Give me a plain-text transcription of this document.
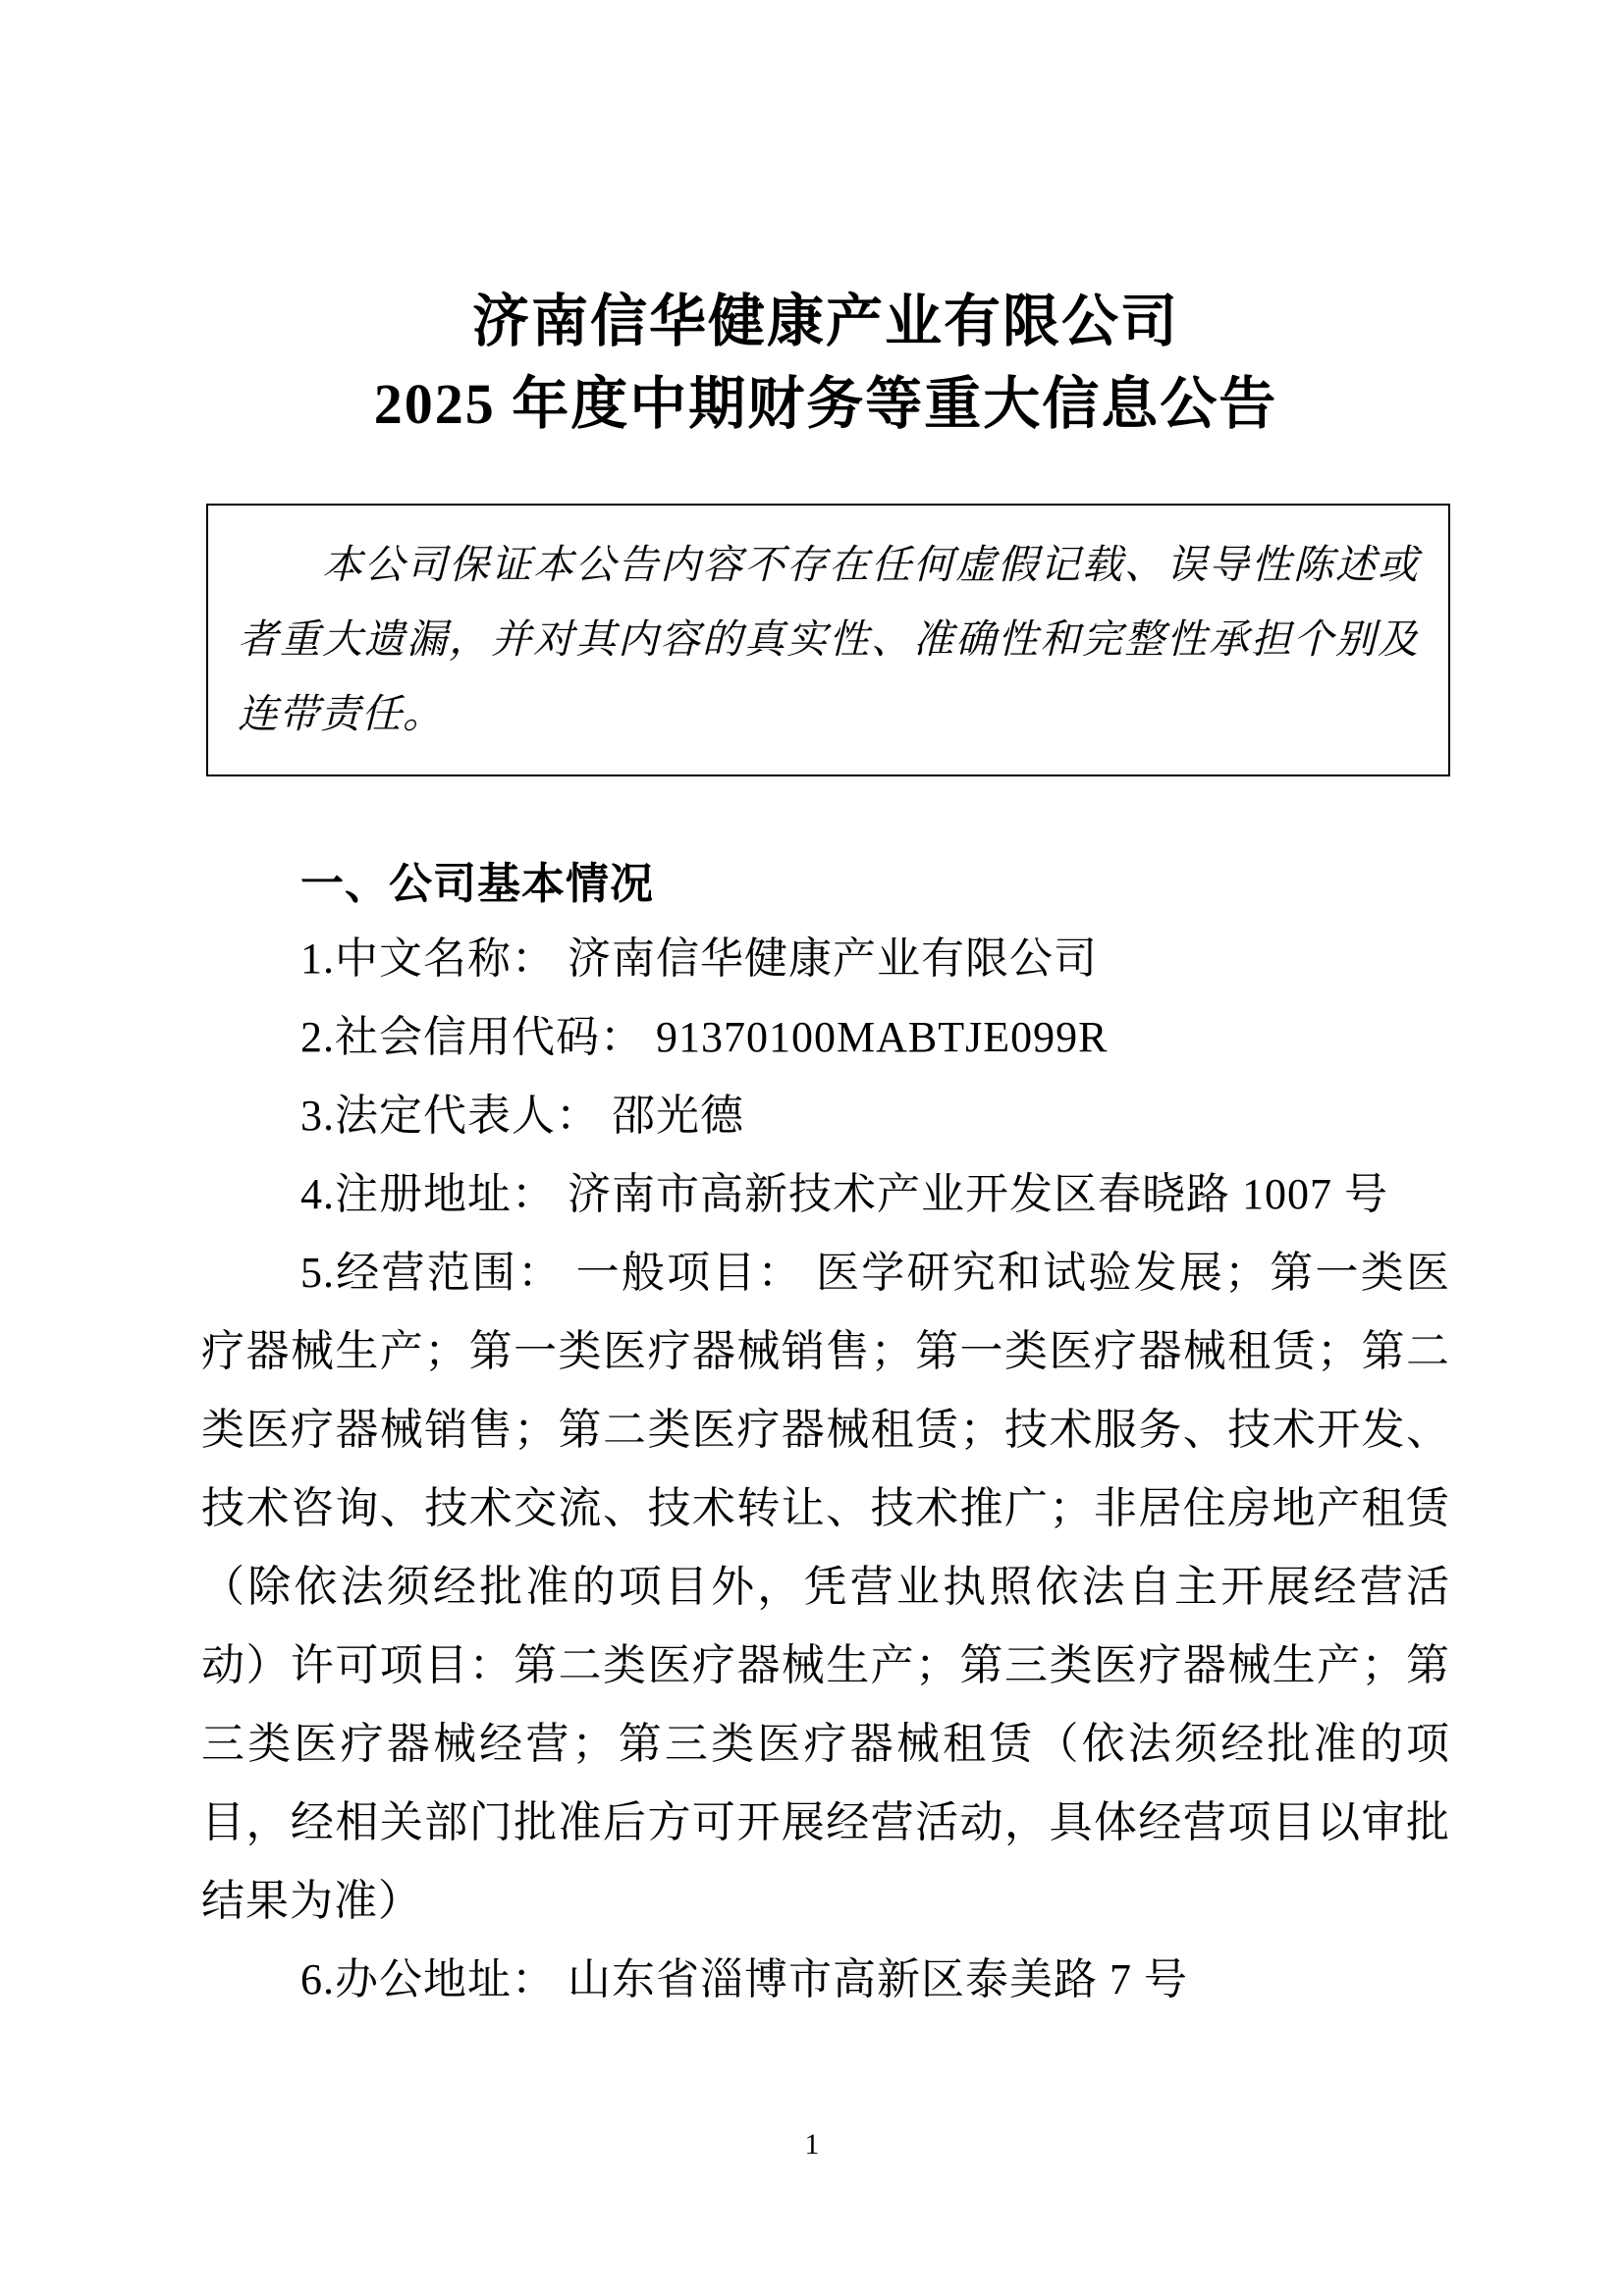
济南信华健康产业有限公司
2025 年度中期财务等重大信息公告

本公司保证本公告内容不存在任何虚假记载、误导性陈述或者重大遗漏，并对其内容的真实性、准确性和完整性承担个别及连带责任。

一、公司基本情况

1.中文名称： 济南信华健康产业有限公司

2.社会信用代码： 91370100MABTJE099R

3.法定代表人： 邵光德

4.注册地址： 济南市高新技术产业开发区春晓路 1007 号

5.经营范围： 一般项目： 医学研究和试验发展；第一类医疗器械生产；第一类医疗器械销售；第一类医疗器械租赁；第二类医疗器械销售；第二类医疗器械租赁；技术服务、技术开发、技术咨询、技术交流、技术转让、技术推广；非居住房地产租赁（除依法须经批准的项目外，凭营业执照依法自主开展经营活动）许可项目：第二类医疗器械生产；第三类医疗器械生产；第三类医疗器械经营；第三类医疗器械租赁（依法须经批准的项目，经相关部门批准后方可开展经营活动，具体经营项目以审批结果为准）

6.办公地址： 山东省淄博市高新区泰美路 7 号

1
